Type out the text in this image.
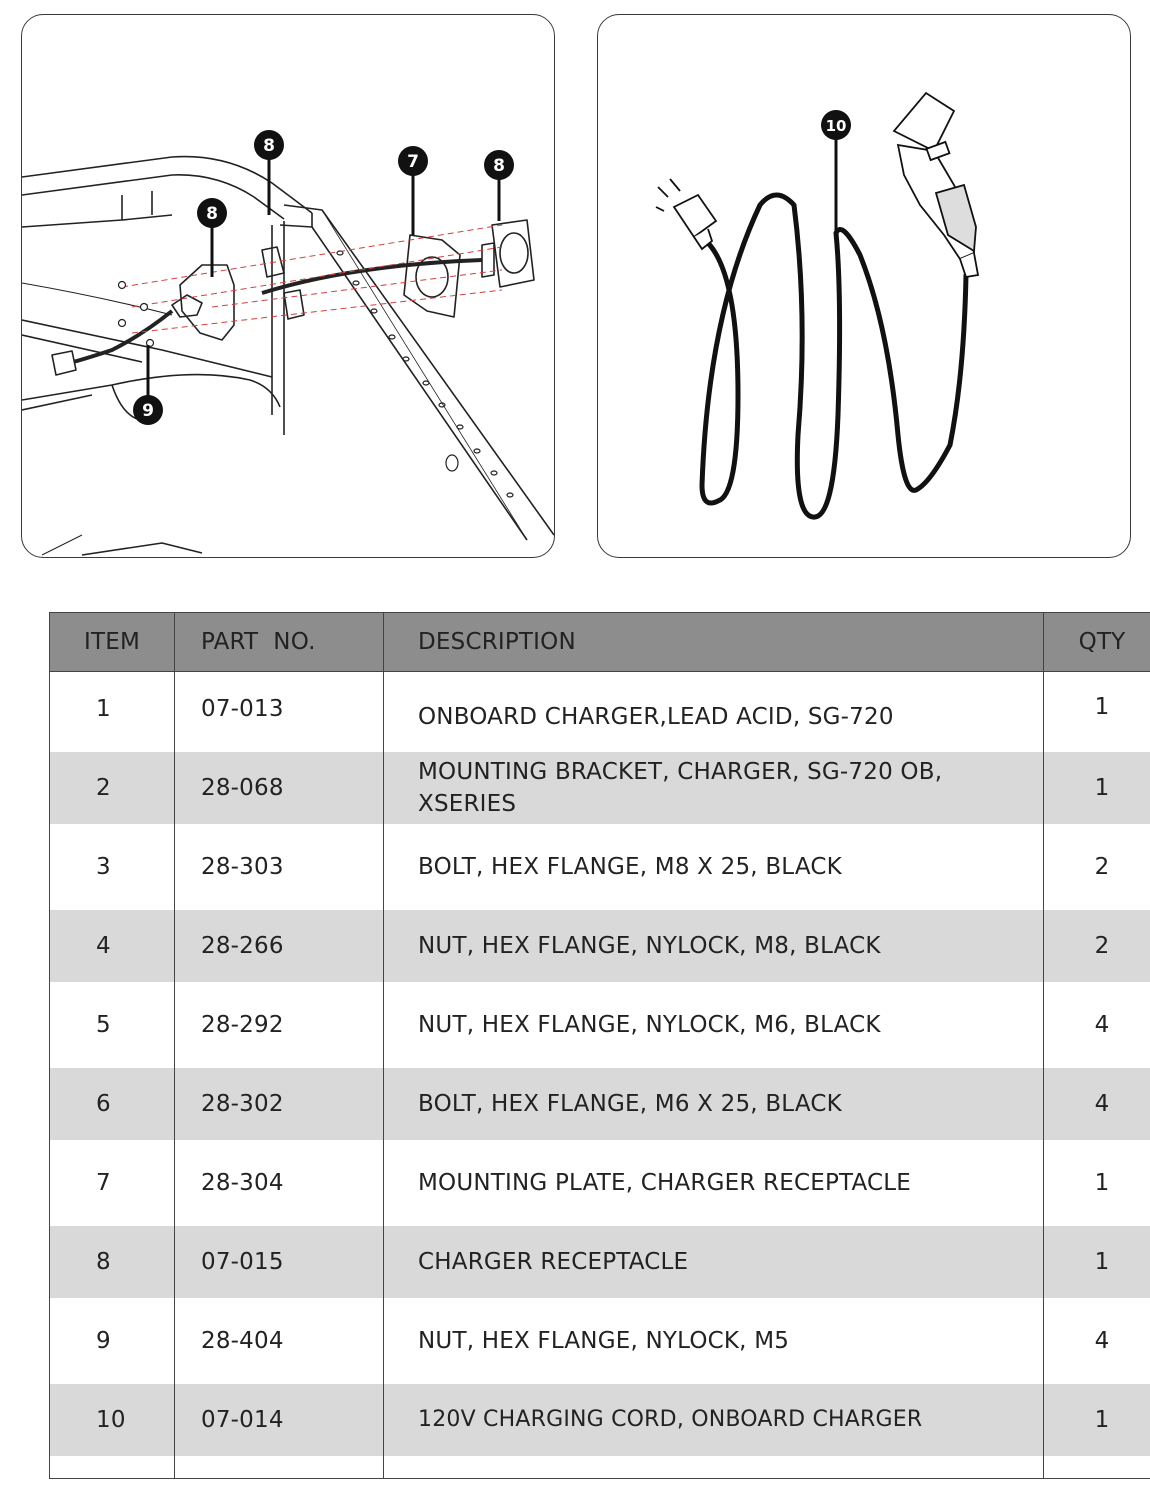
8
8
7	8
9
10
ITEM	PART  NO.	DESCRIPTION	QTY
1	07-013	ONBOARD CHARGER,LEAD ACID, SG-720	1
2	28-068	MOUNTING BRACKET, CHARGER, SG-720 OB, XSERIES	1
3	28-303	BOLT, HEX FLANGE, M8 X 25, BLACK	2
4	28-266	NUT, HEX FLANGE, NYLOCK, M8, BLACK	2
5	28-292	NUT, HEX FLANGE, NYLOCK, M6, BLACK	4
6	28-302	BOLT, HEX FLANGE, M6 X 25, BLACK	4
7	28-304	MOUNTING PLATE, CHARGER RECEPTACLE	1
8	07-015	CHARGER RECEPTACLE	1
9	28-404	NUT, HEX FLANGE, NYLOCK, M5	4
10	07-014	120V CHARGING CORD, ONBOARD CHARGER	1
